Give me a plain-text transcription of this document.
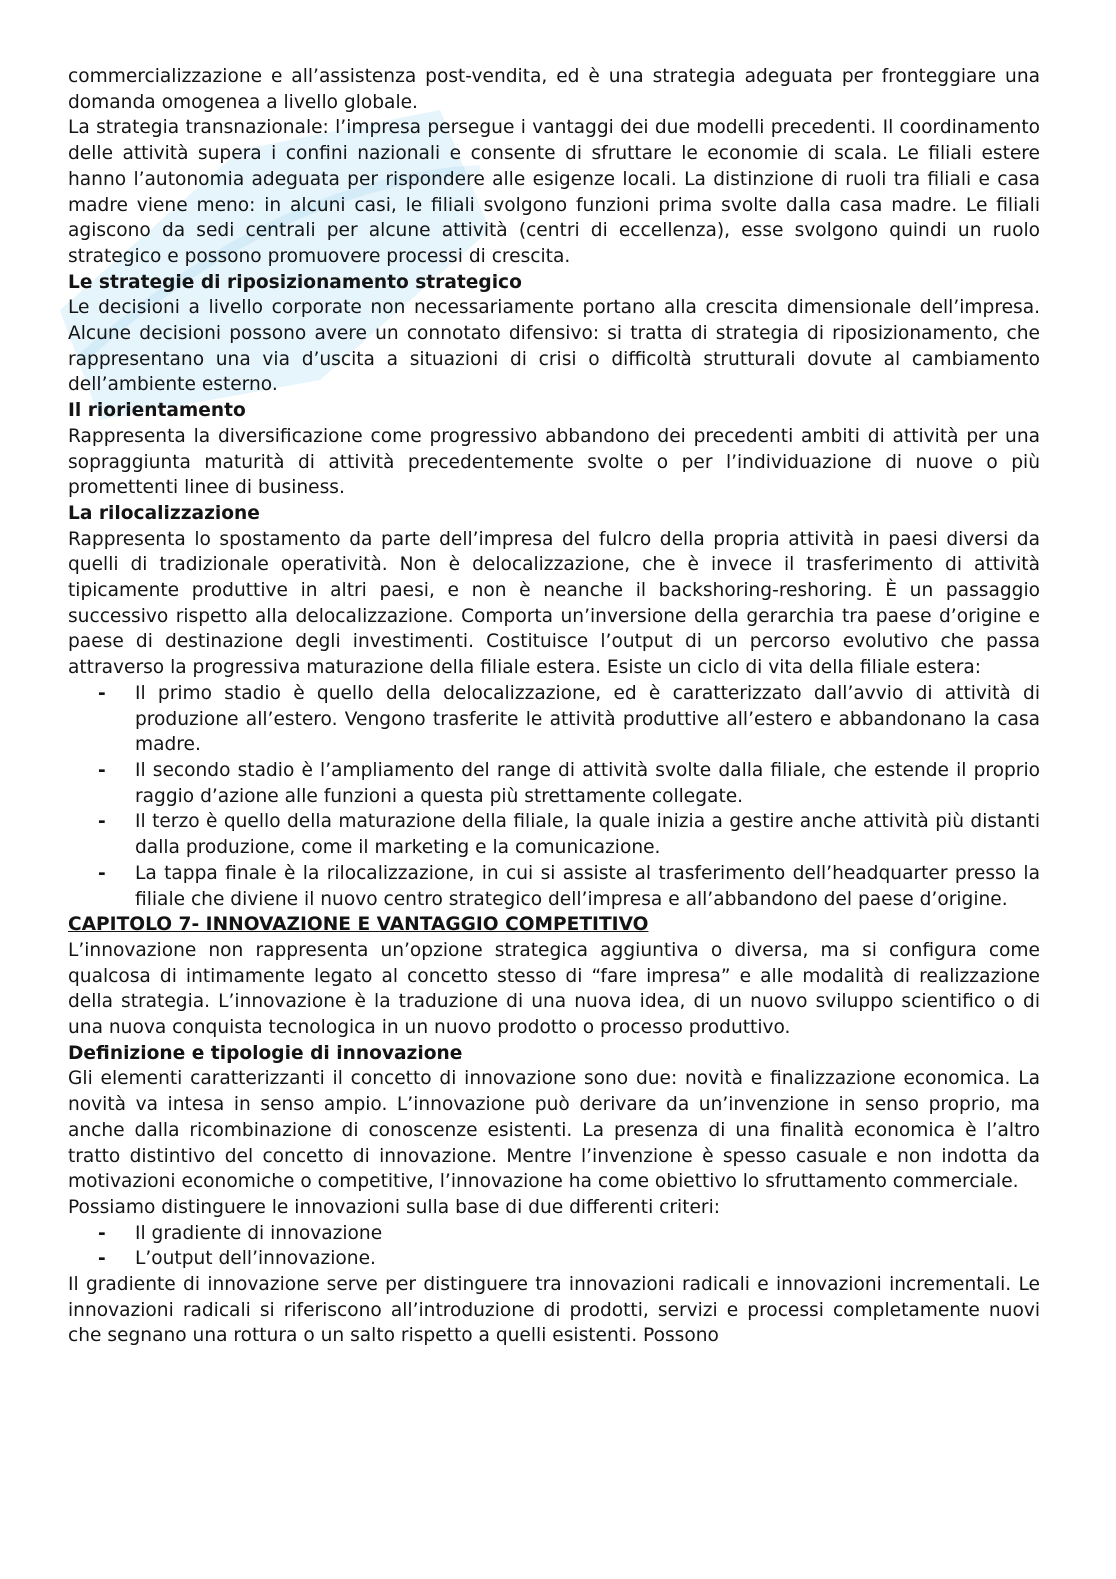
commercializzazione e all’assistenza post-vendita, ed è una strategia adeguata per fronteggiare una domanda omogenea a livello globale.

La strategia transnazionale: l’impresa persegue i vantaggi dei due modelli precedenti. Il coordinamento delle attività supera i confini nazionali e consente di sfruttare le economie di scala. Le filiali estere hanno l’autonomia adeguata per rispondere alle esigenze locali. La distinzione di ruoli tra filiali e casa madre viene meno: in alcuni casi, le filiali svolgono funzioni prima svolte dalla casa madre. Le filiali agiscono da sedi centrali per alcune attività (centri di eccellenza), esse svolgono quindi un ruolo strategico e possono promuovere processi di crescita.

Le strategie di riposizionamento strategico

Le decisioni a livello corporate non necessariamente portano alla crescita dimensionale dell’impresa. Alcune decisioni possono avere un connotato difensivo: si tratta di strategia di riposizionamento, che rappresentano una via d’uscita a situazioni di crisi o difficoltà strutturali dovute al cambiamento dell’ambiente esterno.

Il riorientamento

Rappresenta la diversificazione come progressivo abbandono dei precedenti ambiti di attività per una sopraggiunta maturità di attività precedentemente svolte o per l’individuazione di nuove o più promettenti linee di business.

La rilocalizzazione

Rappresenta lo spostamento da parte dell’impresa del fulcro della propria attività in paesi diversi da quelli di tradizionale operatività. Non è delocalizzazione, che è invece il trasferimento di attività tipicamente produttive in altri paesi, e non è neanche il backshoring-reshoring. È un passaggio successivo rispetto alla delocalizzazione. Comporta un’inversione della gerarchia tra paese d’origine e paese di destinazione degli investimenti. Costituisce l’output di un percorso evolutivo che passa attraverso la progressiva maturazione della filiale estera. Esiste un ciclo di vita della filiale estera:

- Il primo stadio è quello della delocalizzazione, ed è caratterizzato dall’avvio di attività di produzione all’estero. Vengono trasferite le attività produttive all’estero e abbandonano la casa madre.
- Il secondo stadio è l’ampliamento del range di attività svolte dalla filiale, che estende il proprio raggio d’azione alle funzioni a questa più strettamente collegate.
- Il terzo è quello della maturazione della filiale, la quale inizia a gestire anche attività più distanti dalla produzione, come il marketing e la comunicazione.
- La tappa finale è la rilocalizzazione, in cui si assiste al trasferimento dell’headquarter presso la filiale che diviene il nuovo centro strategico dell’impresa e all’abbandono del paese d’origine.

CAPITOLO 7- INNOVAZIONE E VANTAGGIO COMPETITIVO

L’innovazione non rappresenta un’opzione strategica aggiuntiva o diversa, ma si configura come qualcosa di intimamente legato al concetto stesso di “fare impresa” e alle modalità di realizzazione della strategia. L’innovazione è la traduzione di una nuova idea, di un nuovo sviluppo scientifico o di una nuova conquista tecnologica in un nuovo prodotto o processo produttivo.

Definizione e tipologie di innovazione

Gli elementi caratterizzanti il concetto di innovazione sono due: novità e finalizzazione economica. La novità va intesa in senso ampio. L’innovazione può derivare da un’invenzione in senso proprio, ma anche dalla ricombinazione di conoscenze esistenti. La presenza di una finalità economica è l’altro tratto distintivo del concetto di innovazione. Mentre l’invenzione è spesso casuale e non indotta da motivazioni economiche o competitive, l’innovazione ha come obiettivo lo sfruttamento commerciale.

Possiamo distinguere le innovazioni sulla base di due differenti criteri:

- Il gradiente di innovazione
- L’output dell’innovazione.

Il gradiente di innovazione serve per distinguere tra innovazioni radicali e innovazioni incrementali. Le innovazioni radicali si riferiscono all’introduzione di prodotti, servizi e processi completamente nuovi che segnano una rottura o un salto rispetto a quelli esistenti. Possono
